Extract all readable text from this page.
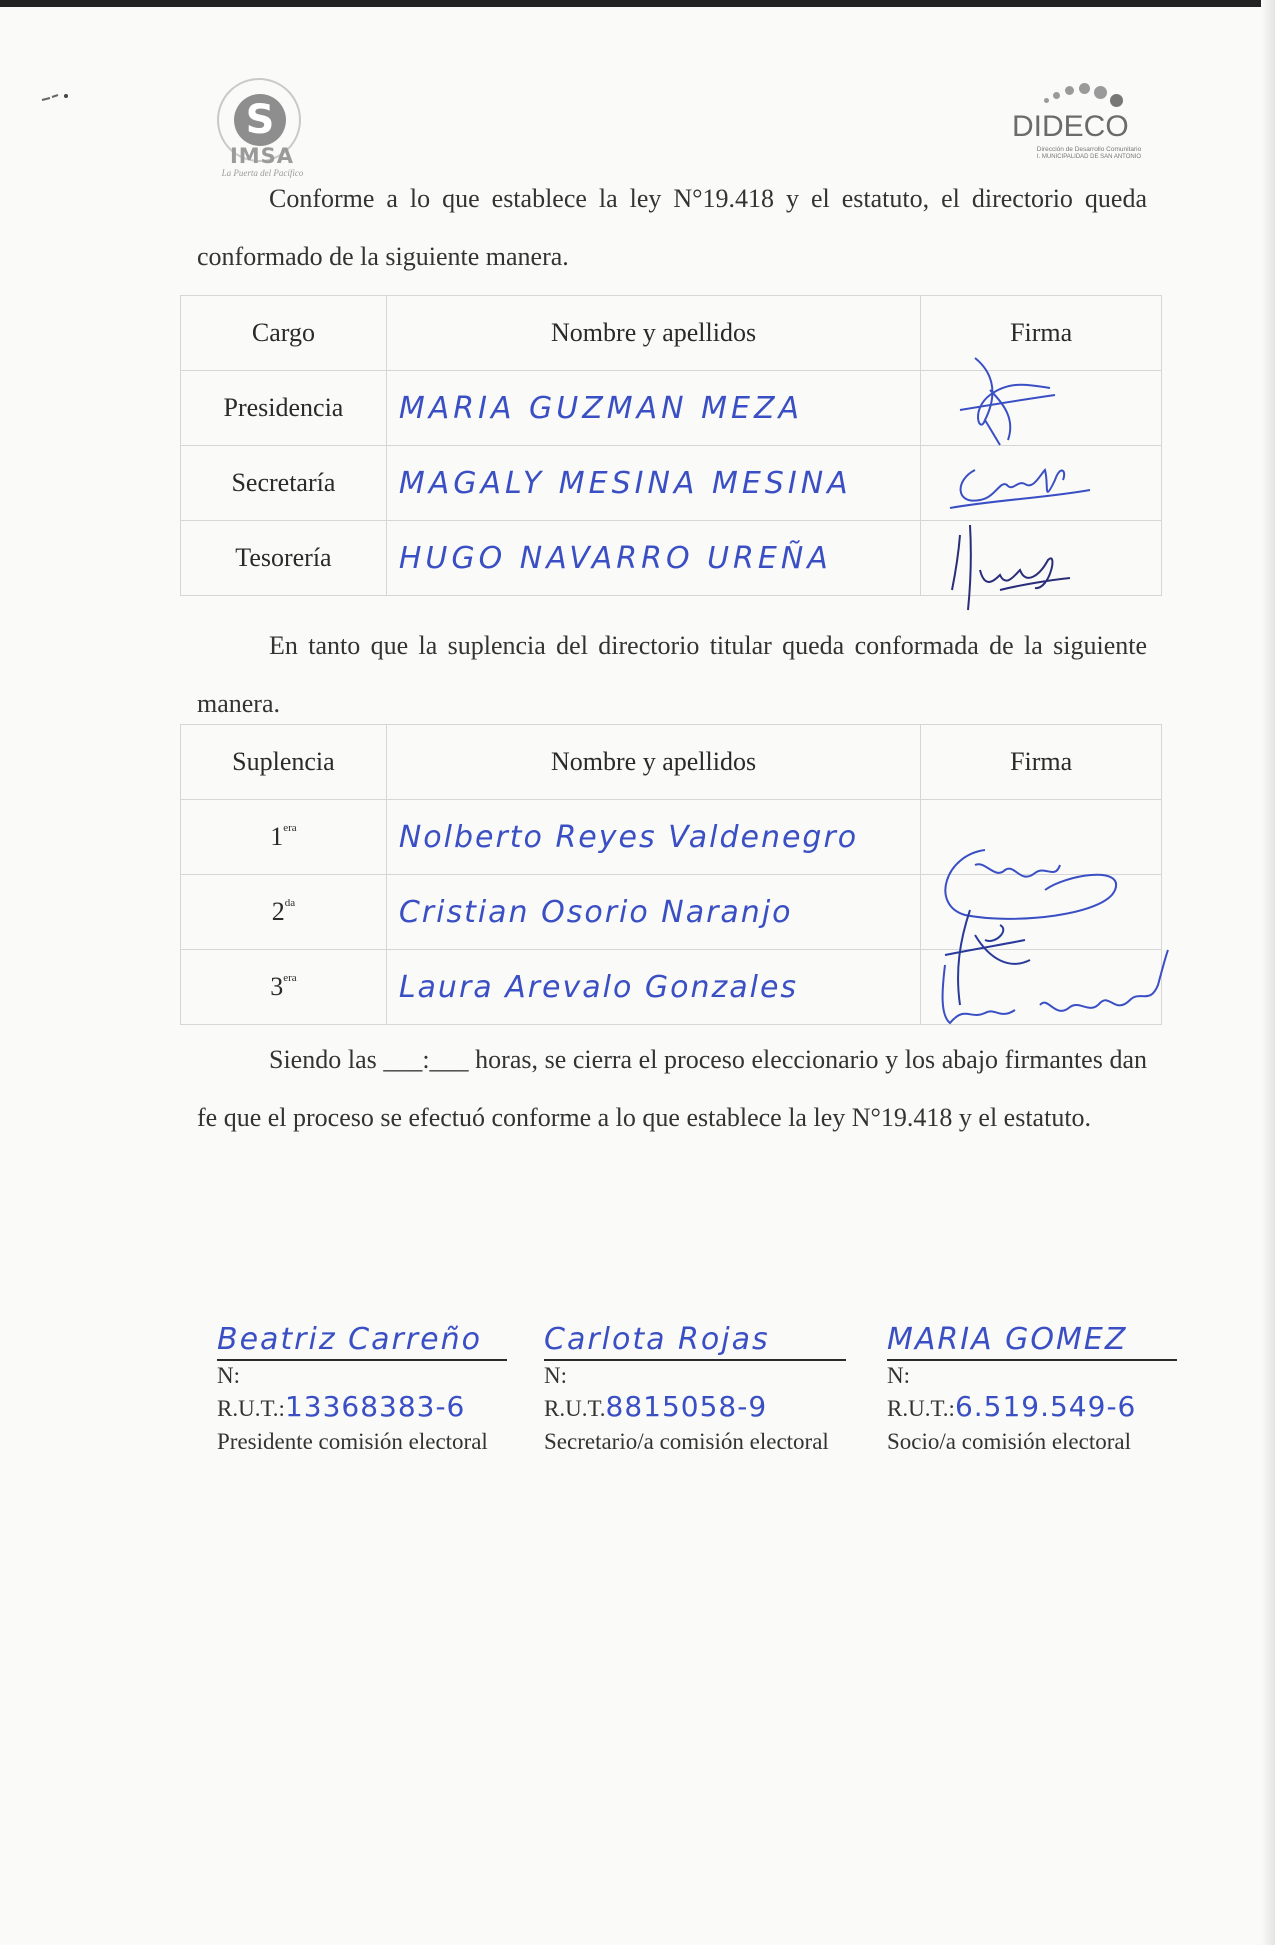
S
IMSA
La Puerta del Pacífico
DIDECO
Dirección de Desarrollo Comunitario
I. MUNICIPALIDAD DE SAN ANTONIO
Conforme a lo que establece la ley N°19.418 y el estatuto, el directorio queda conformado de la siguiente manera.
Cargo	Nombre y apellidos	Firma
Presidencia	MARIA GUZMAN MEZA	
Secretaría	MAGALY MESINA MESINA	
Tesorería	HUGO NAVARRO UREÑA	
En tanto que la suplencia del directorio titular queda conformada de la siguiente manera.
Suplencia	Nombre y apellidos	Firma
$1^{era}$	Nolberto Reyes Valdenegro	
$2^{da}$	Cristian Osorio Naranjo	
$3^{era}$	Laura Arevalo Gonzales	
Siendo las ___:___ horas, se cierra el proceso eleccionario y los abajo firmantes dan fe que el proceso se efectuó conforme a lo que establece la ley N°19.418 y el estatuto.
Beatriz Carreño
N:
R.U.T.:13368383-6
Presidente comisión electoral
Carlota Rojas
N:
R.U.T.8815058-9
Secretario/a comisión electoral
MARIA GOMEZ
N:
R.U.T.:6.519.549-6
Socio/a comisión electoral
